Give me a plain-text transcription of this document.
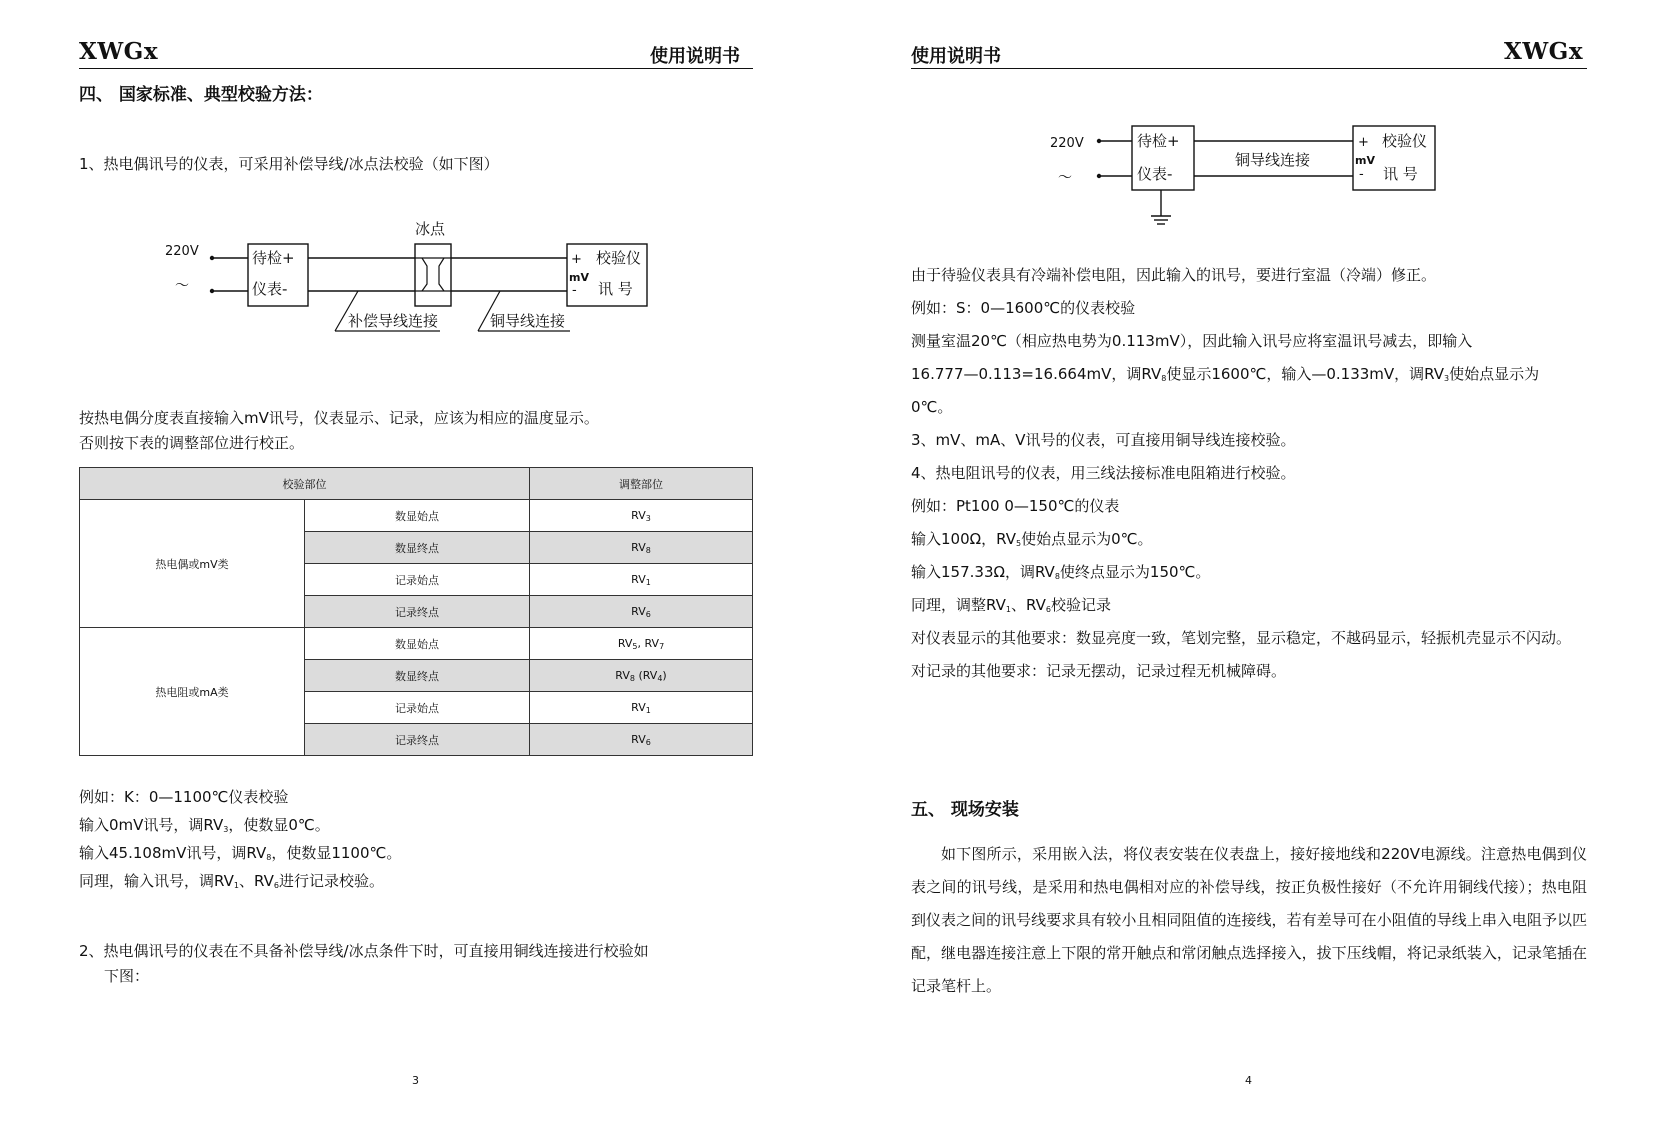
XWGx	使用说明书
四、 国家标准、典型校验方法：
1、热电偶讯号的仪表，可采用补偿导线/冰点法校验（如下图）
220V
～
待检+
仪表-
冰点
+
mV
-
校验仪
讯 号
补偿导线连接	铜导线连接
按热电偶分度表直接输入mV讯号，仪表显示、记录，应该为相应的温度显示。
否则按下表的调整部位进行校正。
校验部位		调整部位
热电偶或mV类	数显始点	$RV_3$
	数显终点	$RV_8$
	记录始点	$RV_1$
	记录终点	$RV_6$
热电阻或mA类	数显始点	$RV_5$, $RV_7$
	数显终点	$RV_8$ $(RV_4)$
	记录始点	$RV_1$
	记录终点	$RV_6$
例如：K：0—1100℃仪表校验
输入0mV讯号，调$RV_3$，使数显0℃。
输入45.108mV讯号，调$RV_8$，使数显1100℃。
同理，输入讯号，调$RV_1$、$RV_6$进行记录校验。
2、热电偶讯号的仪表在不具备补偿导线/冰点条件下时，可直接用铜线连接进行校验如
下图：
3
使用说明书	XWGx
220V
～
待检+
仪表-
铜导线连接
+
mV
-
校验仪
讯 号

由于待验仪表具有冷端补偿电阻，因此输入的讯号，要进行室温（冷端）修正。

例如：S：0—1600℃的仪表校验

测量室温20℃（相应热电势为0.113mV），因此输入讯号应将室温讯号减去，即输入

16.777—0.113=16.664mV，调$RV_8$使显示1600℃，输入—0.133mV，调$RV_3$使始点显示为

0℃。

3、mV、mA、V讯号的仪表，可直接用铜导线连接校验。

4、热电阻讯号的仪表，用三线法接标准电阻箱进行校验。

例如：Pt100 0—150℃的仪表

输入100Ω，$RV_5$使始点显示为0℃。

输入157.33Ω，调$RV_8$使终点显示为150℃。

同理，调整$RV_1$、$RV_6$校验记录

对仪表显示的其他要求：数显亮度一致，笔划完整，显示稳定，不越码显示，轻振机壳显示不闪动。

对记录的其他要求：记录无摆动，记录过程无机械障碍。

五、 现场安装
如下图所示，采用嵌入法，将仪表安装在仪表盘上，接好接地线和220V电源线。注意热电偶到仪表之间的讯号线，是采用和热电偶相对应的补偿导线，按正负极性接好（不允许用铜线代接）；热电阻到仪表之间的讯号线要求具有较小且相同阻值的连接线，若有差导可在小阻值的导线上串入电阻予以匹配，继电器连接注意上下限的常开触点和常闭触点选择接入，拔下压线帽，将记录纸装入，记录笔插在记录笔杆上。
4
